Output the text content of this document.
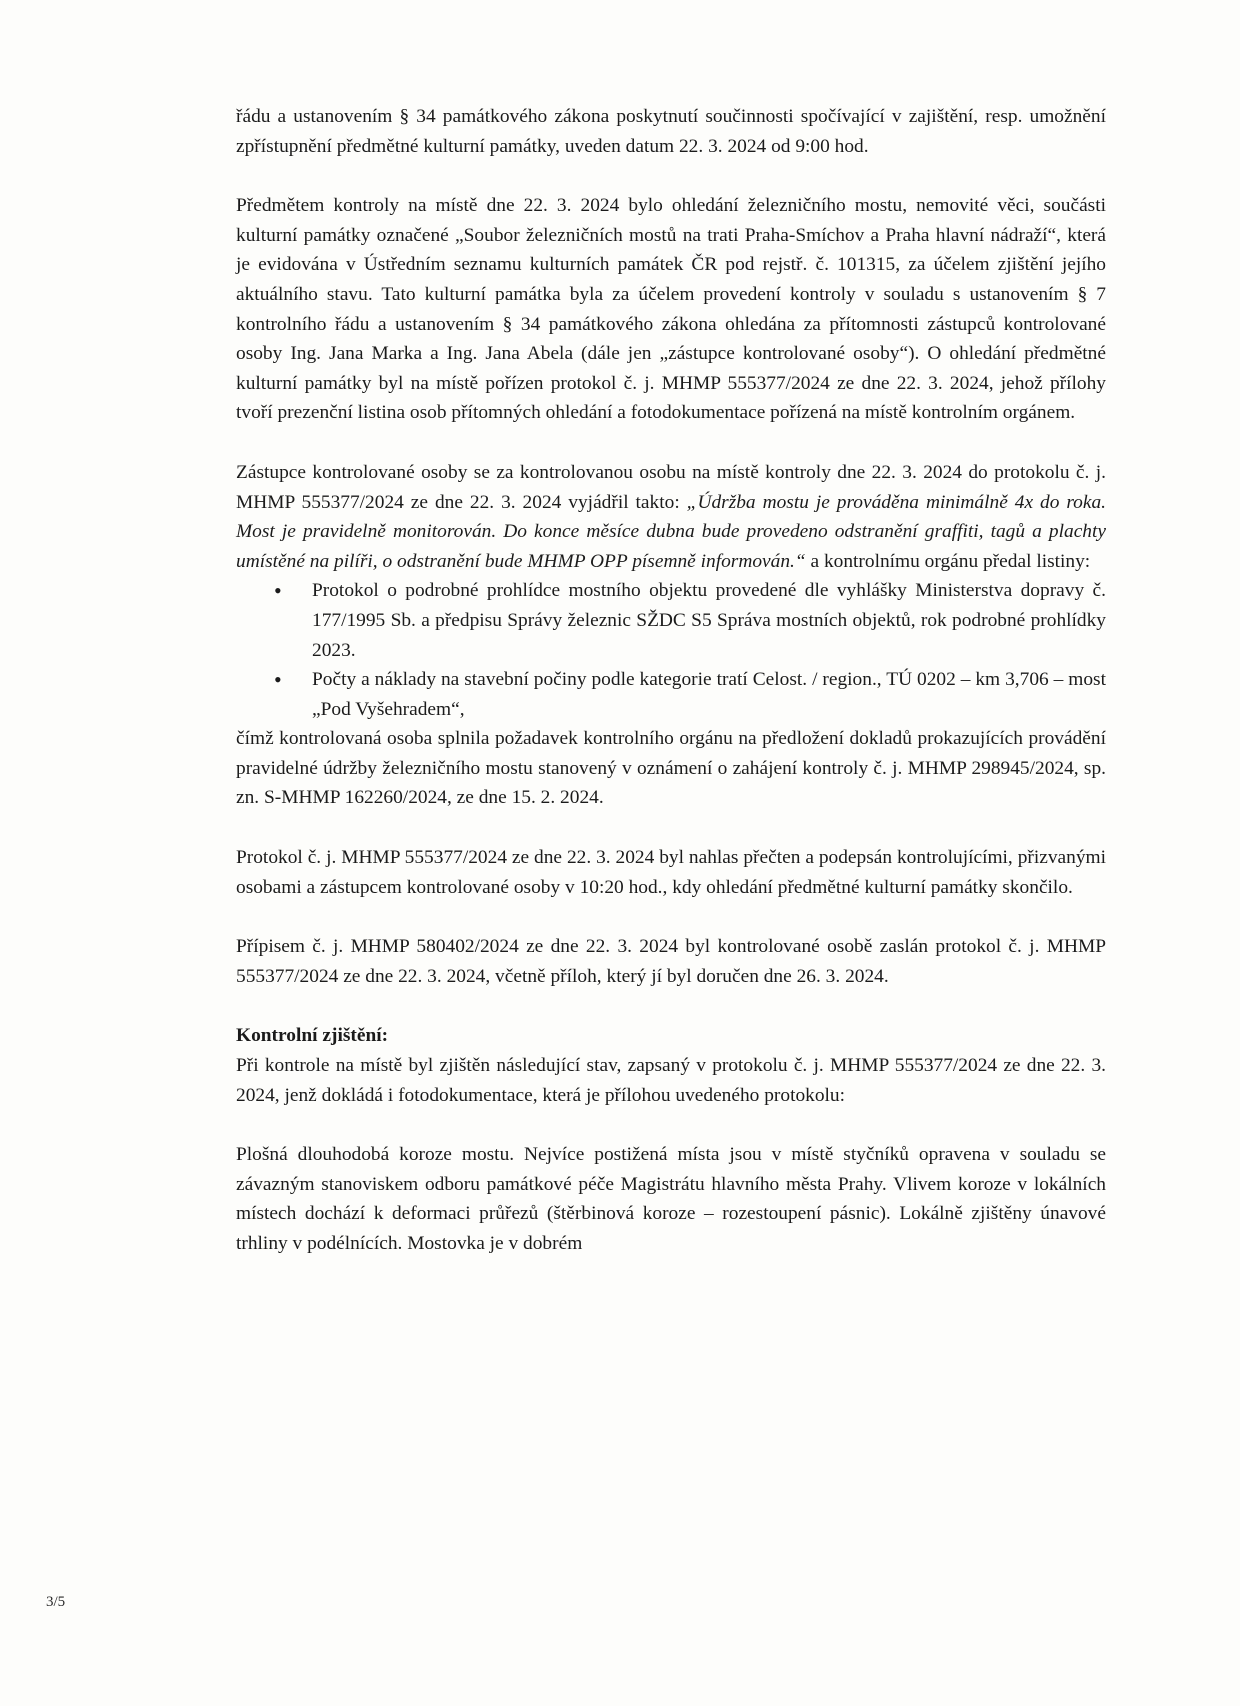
řádu a ustanovením § 34 památkového zákona poskytnutí součinnosti spočívající v zajištění, resp. umožnění zpřístupnění předmětné kulturní památky, uveden datum 22. 3. 2024 od 9:00 hod.

Předmětem kontroly na místě dne 22. 3. 2024 bylo ohledání železničního mostu, nemovité věci, součásti kulturní památky označené „Soubor železničních mostů na trati Praha-Smíchov a Praha hlavní nádraží“, která je evidována v Ústředním seznamu kulturních památek ČR pod rejstř. č. 101315, za účelem zjištění jejího aktuálního stavu. Tato kulturní památka byla za účelem provedení kontroly v souladu s ustanovením § 7 kontrolního řádu a ustanovením § 34 památkového zákona ohledána za přítomnosti zástupců kontrolované osoby Ing. Jana Marka a Ing. Jana Abela (dále jen „zástupce kontrolované osoby“). O ohledání předmětné kulturní památky byl na místě pořízen protokol č. j. MHMP 555377/2024 ze dne 22. 3. 2024, jehož přílohy tvoří prezenční listina osob přítomných ohledání a fotodokumentace pořízená na místě kontrolním orgánem.

Zástupce kontrolované osoby se za kontrolovanou osobu na místě kontroly dne 22. 3. 2024 do protokolu č. j. MHMP 555377/2024 ze dne 22. 3. 2024 vyjádřil takto: „Údržba mostu je prováděna minimálně 4x do roka. Most je pravidelně monitorován. Do konce měsíce dubna bude provedeno odstranění graffiti, tagů a plachty umístěné na pilíři, o odstranění bude MHMP OPP písemně informován.“ a kontrolnímu orgánu předal listiny:

• Protokol o podrobné prohlídce mostního objektu provedené dle vyhlášky Ministerstva dopravy č. 177/1995 Sb. a předpisu Správy železnic SŽDC S5 Správa mostních objektů, rok podrobné prohlídky 2023.
• Počty a náklady na stavební počiny podle kategorie tratí Celost. / region., TÚ 0202 – km 3,706 – most „Pod Vyšehradem“,

čímž kontrolovaná osoba splnila požadavek kontrolního orgánu na předložení dokladů prokazujících provádění pravidelné údržby železničního mostu stanovený v oznámení o zahájení kontroly č. j. MHMP 298945/2024, sp. zn. S-MHMP 162260/2024, ze dne 15. 2. 2024.

Protokol č. j. MHMP 555377/2024 ze dne 22. 3. 2024 byl nahlas přečten a podepsán kontrolujícími, přizvanými osobami a zástupcem kontrolované osoby v 10:20 hod., kdy ohledání předmětné kulturní památky skončilo.

Přípisem č. j. MHMP 580402/2024 ze dne 22. 3. 2024 byl kontrolované osobě zaslán protokol č. j. MHMP 555377/2024 ze dne 22. 3. 2024, včetně příloh, který jí byl doručen dne 26. 3. 2024.

Kontrolní zjištění:

Při kontrole na místě byl zjištěn následující stav, zapsaný v protokolu č. j. MHMP 555377/2024 ze dne 22. 3. 2024, jenž dokládá i fotodokumentace, která je přílohou uvedeného protokolu:

Plošná dlouhodobá koroze mostu. Nejvíce postižená místa jsou v místě styčníků opravena v souladu se závazným stanoviskem odboru památkové péče Magistrátu hlavního města Prahy. Vlivem koroze v lokálních místech dochází k deformaci průřezů (štěrbinová koroze – rozestoupení pásnic). Lokálně zjištěny únavové trhliny v podélnících. Mostovka je v dobrém

3/5
